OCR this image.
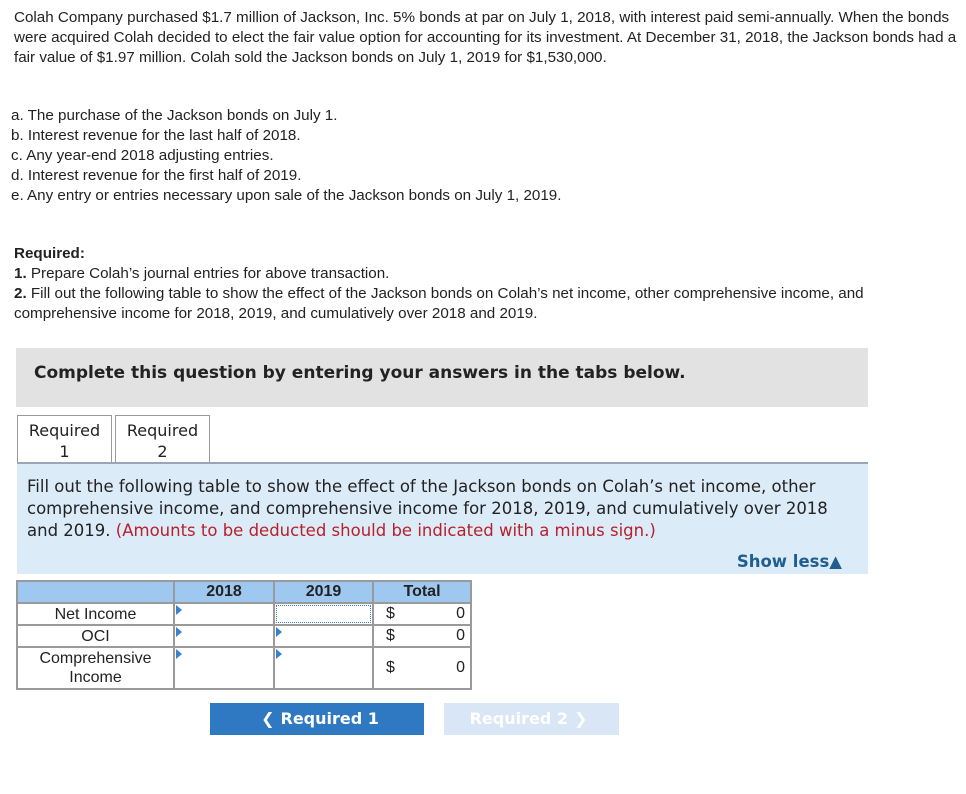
Colah Company purchased $1.7 million of Jackson, Inc. 5% bonds at par on July 1, 2018, with interest paid semi-annually. When the bonds were acquired Colah decided to elect the fair value option for accounting for its investment. At December 31, 2018, the Jackson bonds had a fair value of $1.97 million. Colah sold the Jackson bonds on July 1, 2019 for $1,530,000.

a. The purchase of the Jackson bonds on July 1.
b. Interest revenue for the last half of 2018.
c. Any year-end 2018 adjusting entries.
d. Interest revenue for the first half of 2019.
e. Any entry or entries necessary upon sale of the Jackson bonds on July 1, 2019.
Required:
1. Prepare Colah’s journal entries for above transaction.
2. Fill out the following table to show the effect of the Jackson bonds on Colah’s net income, other comprehensive income, and comprehensive income for 2018, 2019, and cumulatively over 2018 and 2019.
Complete this question by entering your answers in the tabs below.
Required
1
Required
2
Fill out the following table to show the effect of the Jackson bonds on Colah’s net income, other comprehensive income, and comprehensive income for 2018, 2019, and cumulatively over 2018 and 2019. (Amounts to be deducted should be indicated with a minus sign.)
Show less▲
	2018	2019	Total
Net Income			$ 0

OCI			$ 0

Comprehensive Income			$ 0
❮ Required 1	Required 2 ❯
